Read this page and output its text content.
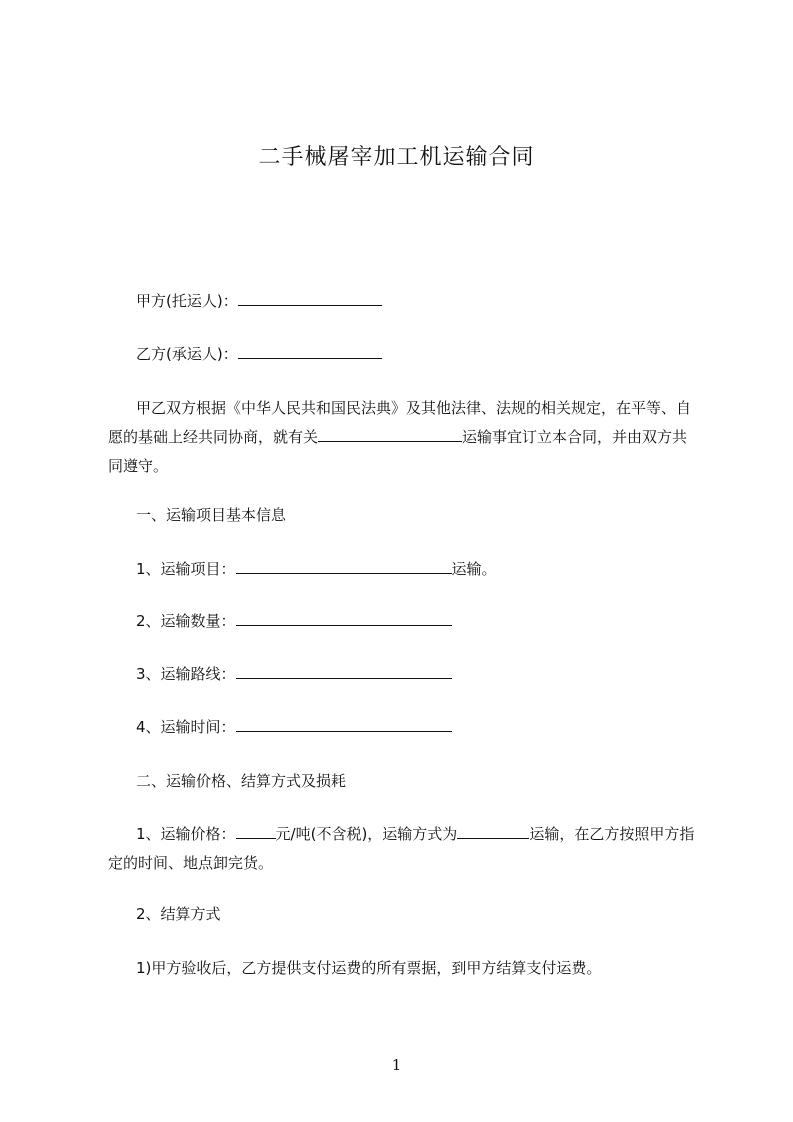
二手械屠宰加工机运输合同
甲方(托运人)：
乙方(承运人)：
甲乙双方根据《中华人民共和国民法典》及其他法律、法规的相关规定，在平等、自愿的基础上经共同协商，就有关	运输事宜订立本合同，并由双方共同遵守。
一、运输项目基本信息
1、运输项目：	运输。
2、运输数量：
3、运输路线：
4、运输时间：
二、运输价格、结算方式及损耗
1、运输价格：	元/吨(不含税)，运输方式为	运输，在乙方按照甲方指定的时间、地点卸完货。
2、结算方式
1)甲方验收后，乙方提供支付运费的所有票据，到甲方结算支付运费。
1
